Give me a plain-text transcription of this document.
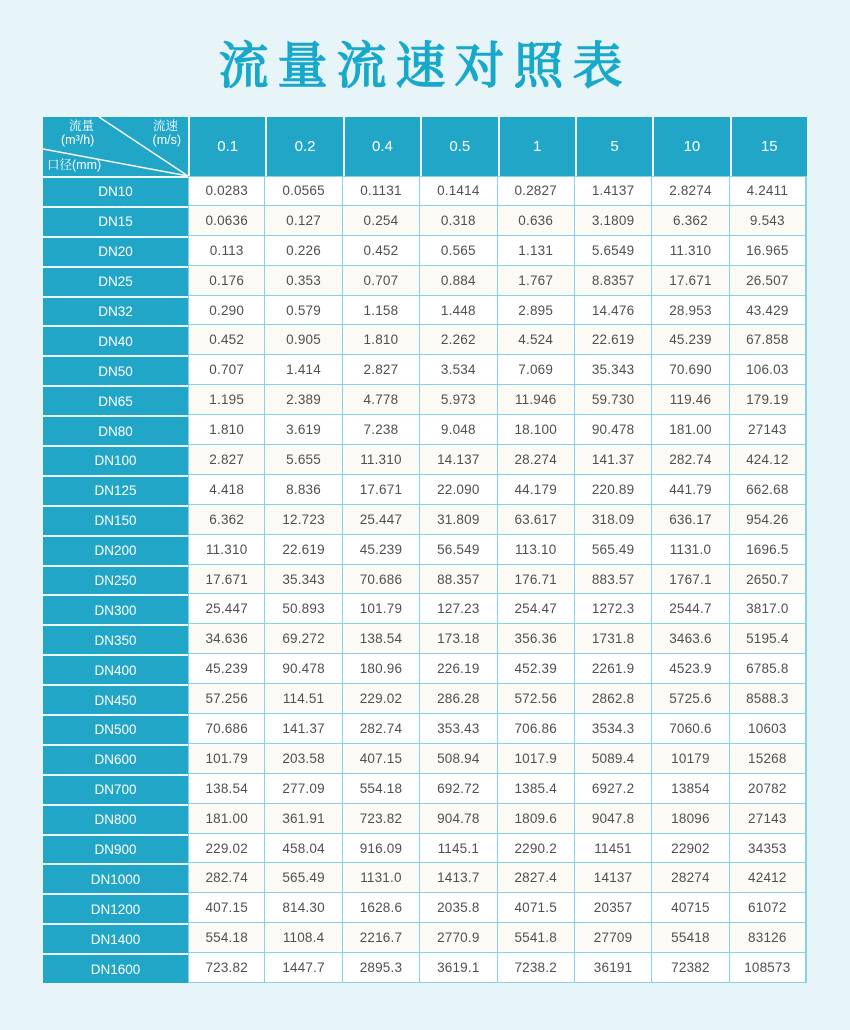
流量流速对照表
流量
(m³/h)
流速
(m/s)
口径(mm)
0.1	0.2	0.4	0.5	1	5	10	15
DN10	0.0283	0.0565	0.1131	0.1414	0.2827	1.4137	2.8274	4.2411
DN15	0.0636	0.127	0.254	0.318	0.636	3.1809	6.362	9.543
DN20	0.113	0.226	0.452	0.565	1.131	5.6549	11.310	16.965
DN25	0.176	0.353	0.707	0.884	1.767	8.8357	17.671	26.507
DN32	0.290	0.579	1.158	1.448	2.895	14.476	28.953	43.429
DN40	0.452	0.905	1.810	2.262	4.524	22.619	45.239	67.858
DN50	0.707	1.414	2.827	3.534	7.069	35.343	70.690	106.03
DN65	1.195	2.389	4.778	5.973	11.946	59.730	119.46	179.19
DN80	1.810	3.619	7.238	9.048	18.100	90.478	181.00	27143
DN100	2.827	5.655	11.310	14.137	28.274	141.37	282.74	424.12
DN125	4.418	8.836	17.671	22.090	44.179	220.89	441.79	662.68
DN150	6.362	12.723	25.447	31.809	63.617	318.09	636.17	954.26
DN200	11.310	22.619	45.239	56.549	113.10	565.49	1131.0	1696.5
DN250	17.671	35.343	70.686	88.357	176.71	883.57	1767.1	2650.7
DN300	25.447	50.893	101.79	127.23	254.47	1272.3	2544.7	3817.0
DN350	34.636	69.272	138.54	173.18	356.36	1731.8	3463.6	5195.4
DN400	45.239	90.478	180.96	226.19	452.39	2261.9	4523.9	6785.8
DN450	57.256	114.51	229.02	286.28	572.56	2862.8	5725.6	8588.3
DN500	70.686	141.37	282.74	353.43	706.86	3534.3	7060.6	10603
DN600	101.79	203.58	407.15	508.94	1017.9	5089.4	10179	15268
DN700	138.54	277.09	554.18	692.72	1385.4	6927.2	13854	20782
DN800	181.00	361.91	723.82	904.78	1809.6	9047.8	18096	27143
DN900	229.02	458.04	916.09	1145.1	2290.2	11451	22902	34353
DN1000	282.74	565.49	1131.0	1413.7	2827.4	14137	28274	42412
DN1200	407.15	814.30	1628.6	2035.8	4071.5	20357	40715	61072
DN1400	554.18	1108.4	2216.7	2770.9	5541.8	27709	55418	83126
DN1600	723.82	1447.7	2895.3	3619.1	7238.2	36191	72382	108573
